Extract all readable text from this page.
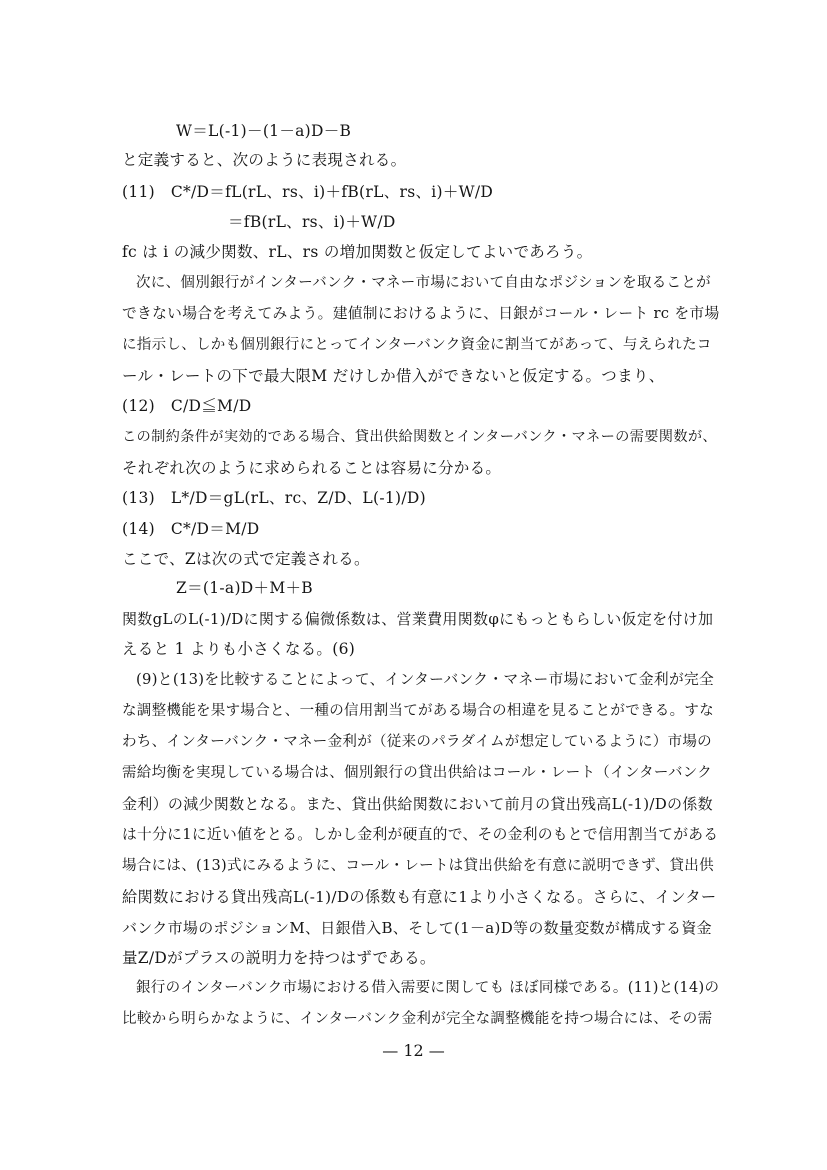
W＝L(-1)－(1－a)D－B
と定義すると、次のように表現される。
(11)　C*/D＝fL(rL、rs、i)＋fB(rL、rs、i)＋W/D
＝fB(rL、rs、i)＋W/D
fc は i の減少関数、rL、rs の増加関数と仮定してよいであろう。
次に、個別銀行がインターバンク・マネー市場において自由なポジションを取ることが
できない場合を考えてみよう。建値制におけるように、日銀がコール・レート rc を市場
に指示し、しかも個別銀行にとってインターバンク資金に割当てがあって、与えられたコ
ール・レートの下で最大限M だけしか借入ができないと仮定する。つまり、
(12)　C/D≦M/D
この制約条件が実効的である場合、貸出供給関数とインターバンク・マネーの需要関数が、
それぞれ次のように求められることは容易に分かる。
(13)　L*/D＝gL(rL、rc、Z/D、L(-1)/D)
(14)　C*/D＝M/D
ここで、Zは次の式で定義される。
Z＝(1-a)D＋M＋B
関数gLのL(-1)/Dに関する偏微係数は、営業費用関数φにもっともらしい仮定を付け加
えると 1 よりも小さくなる。(6)
(9)と(13)を比較することによって、インターバンク・マネー市場において金利が完全
な調整機能を果す場合と、一種の信用割当てがある場合の相違を見ることができる。すな
わち、インターバンク・マネー金利が（従来のパラダイムが想定しているように）市場の
需給均衡を実現している場合は、個別銀行の貸出供給はコール・レート（インターバンク
金利）の減少関数となる。また、貸出供給関数において前月の貸出残高L(-1)/Dの係数
は十分に1に近い値をとる。しかし金利が硬直的で、その金利のもとで信用割当てがある
場合には、(13)式にみるように、コール・レートは貸出供給を有意に説明できず、貸出供
給関数における貸出残高L(-1)/Dの係数も有意に1より小さくなる。さらに、インター
バンク市場のポジションM、日銀借入B、そして(1－a)D等の数量変数が構成する資金
量Z/Dがプラスの説明力を持つはずである。
銀行のインターバンク市場における借入需要に関しても ほぼ同様である。(11)と(14)の
比較から明らかなように、インターバンク金利が完全な調整機能を持つ場合には、その需
— 12 —
